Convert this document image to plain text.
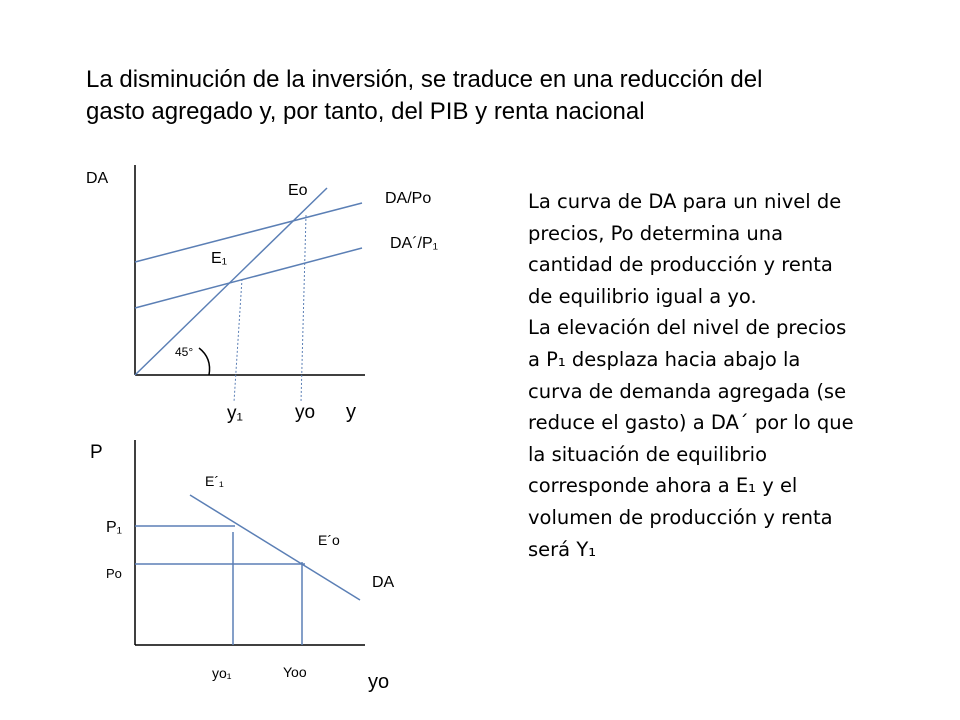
La disminución de la inversión, se traduce en una reducción del
gasto agregado y, por tanto, del PIB y renta nacional
DA
Eo	DA/Po
DA´/P₁
E₁
45°
y₁	yo y
P
E´₁
P₁
E´o
Po
DA
yo₁	Yoo	yo
La curva de DA para un nivel de
precios, Po determina una
cantidad de producción y renta
de equilibrio igual a yo.
La elevación del nivel de precios
a P₁ desplaza hacia abajo la
curva de demanda agregada (se
reduce el gasto) a DA´ por lo que
la situación de equilibrio
corresponde ahora a E₁ y el
volumen de producción y renta
será Y₁
